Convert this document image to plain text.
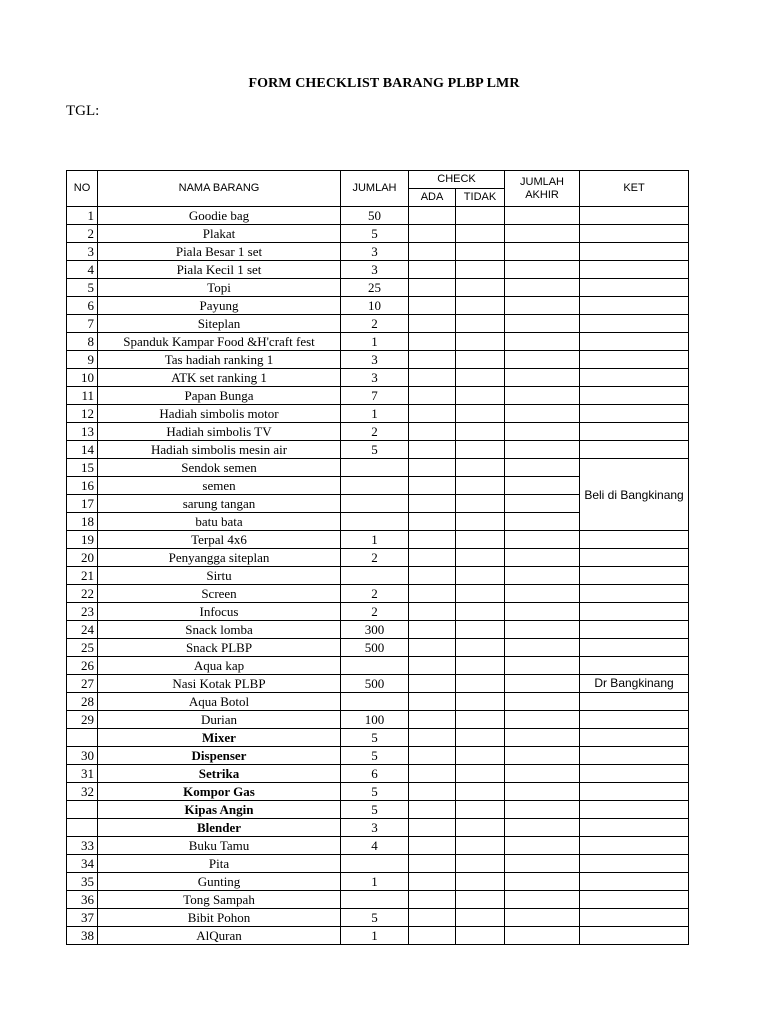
FORM CHECKLIST BARANG PLBP LMR
TGL:
NO	NAMA BARANG	JUMLAH	CHECK		JUMLAH AKHIR	KET
			ADA	TIDAK		
1	Goodie bag	50				
2	Plakat	5				
3	Piala Besar 1 set	3				
4	Piala Kecil 1 set	3				
5	Topi	25				
6	Payung	10				
7	Siteplan	2				
8	Spanduk Kampar Food &H'craft fest	1				
9	Tas hadiah ranking 1	3				
10	ATK set ranking 1	3				
11	Papan Bunga	7				
12	Hadiah simbolis motor	1				
13	Hadiah simbolis TV	2				
14	Hadiah simbolis mesin air	5				
15	Sendok semen					Beli di Bangkinang
16	semen					
17	sarung tangan					
18	batu bata					
19	Terpal 4x6	1				
20	Penyangga siteplan	2				
21	Sirtu					
22	Screen	2				
23	Infocus	2				
24	Snack lomba	300				
25	Snack PLBP	500				
26	Aqua kap					
27	Nasi Kotak PLBP	500				Dr Bangkinang
28	Aqua Botol					
29	Durian	100				
	Mixer	5				
30	Dispenser	5				
31	Setrika	6				
32	Kompor Gas	5				
	Kipas Angin	5				
	Blender	3				
33	Buku Tamu	4				
34	Pita					
35	Gunting	1				
36	Tong Sampah					
37	Bibit Pohon	5				
38	AlQuran	1				
